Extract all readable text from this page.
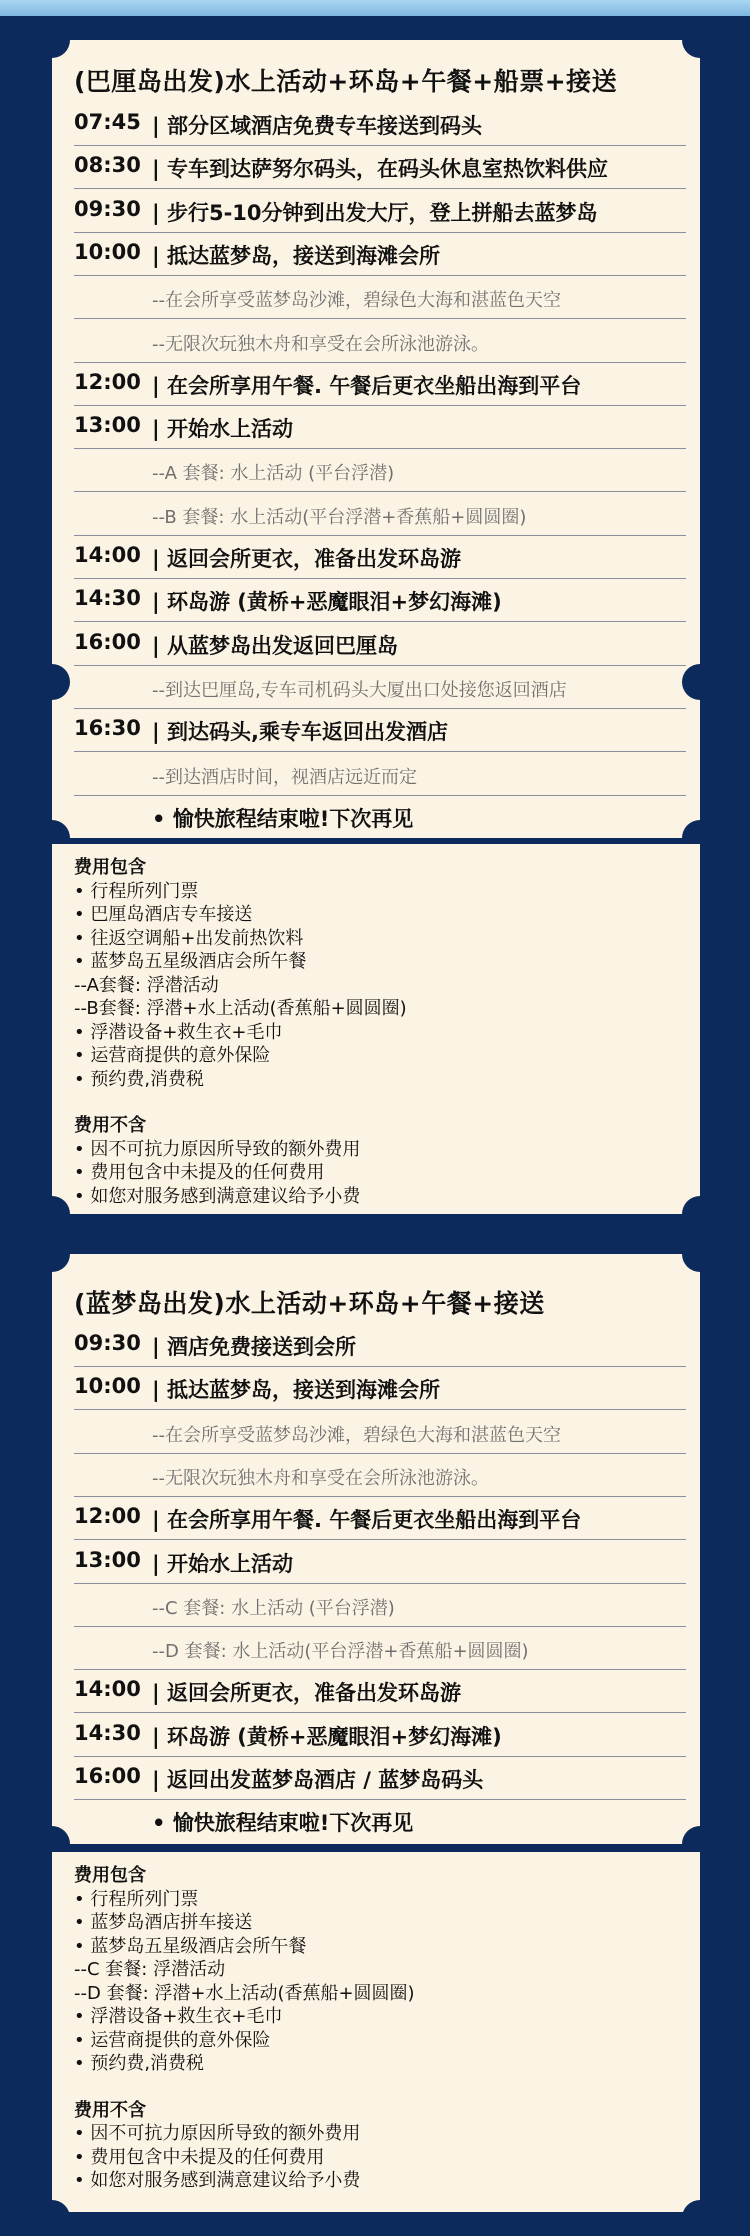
(巴厘岛出发)水上活动+环岛+午餐+船票+接送
07:45 | 部分区域酒店免费专车接送到码头
08:30 | 专车到达萨努尔码头，在码头休息室热饮料供应
09:30 | 步行5-10分钟到出发大厅，登上拼船去蓝梦岛
10:00 | 抵达蓝梦岛，接送到海滩会所
--在会所享受蓝梦岛沙滩，碧绿色大海和湛蓝色天空
--无限次玩独木舟和享受在会所泳池游泳。
12:00 | 在会所享用午餐. 午餐后更衣坐船出海到平台
13:00 | 开始水上活动
--A 套餐: 水上活动 (平台浮潜)
--B 套餐: 水上活动(平台浮潜+香蕉船+圆圆圈)
14:00 | 返回会所更衣，准备出发环岛游
14:30 | 环岛游 (黄桥+恶魔眼泪+梦幻海滩)
16:00 | 从蓝梦岛出发返回巴厘岛
--到达巴厘岛,专车司机码头大厦出口处接您返回酒店
16:30 | 到达码头,乘专车返回出发酒店
--到达酒店时间，视酒店远近而定
• 愉快旅程结束啦!下次再见
费用包含
• 行程所列门票
• 巴厘岛酒店专车接送
• 往返空调船+出发前热饮料
• 蓝梦岛五星级酒店会所午餐
--A套餐: 浮潜活动
--B套餐: 浮潜+水上活动(香蕉船+圆圆圈)
• 浮潜设备+救生衣+毛巾
• 运营商提供的意外保险
• 预约费,消费税
费用不含
• 因不可抗力原因所导致的额外费用
• 费用包含中未提及的任何费用
• 如您对服务感到满意建议给予小费
(蓝梦岛出发)水上活动+环岛+午餐+接送
09:30 | 酒店免费接送到会所
10:00 | 抵达蓝梦岛，接送到海滩会所
--在会所享受蓝梦岛沙滩，碧绿色大海和湛蓝色天空
--无限次玩独木舟和享受在会所泳池游泳。
12:00 | 在会所享用午餐. 午餐后更衣坐船出海到平台
13:00 | 开始水上活动
--C 套餐: 水上活动 (平台浮潜)
--D 套餐: 水上活动(平台浮潜+香蕉船+圆圆圈)
14:00 | 返回会所更衣，准备出发环岛游
14:30 | 环岛游 (黄桥+恶魔眼泪+梦幻海滩)
16:00 | 返回出发蓝梦岛酒店 / 蓝梦岛码头
• 愉快旅程结束啦!下次再见
费用包含
• 行程所列门票
• 蓝梦岛酒店拼车接送
• 蓝梦岛五星级酒店会所午餐
--C 套餐: 浮潜活动
--D 套餐: 浮潜+水上活动(香蕉船+圆圆圈)
• 浮潜设备+救生衣+毛巾
• 运营商提供的意外保险
• 预约费,消费税
费用不含
• 因不可抗力原因所导致的额外费用
• 费用包含中未提及的任何费用
• 如您对服务感到满意建议给予小费
